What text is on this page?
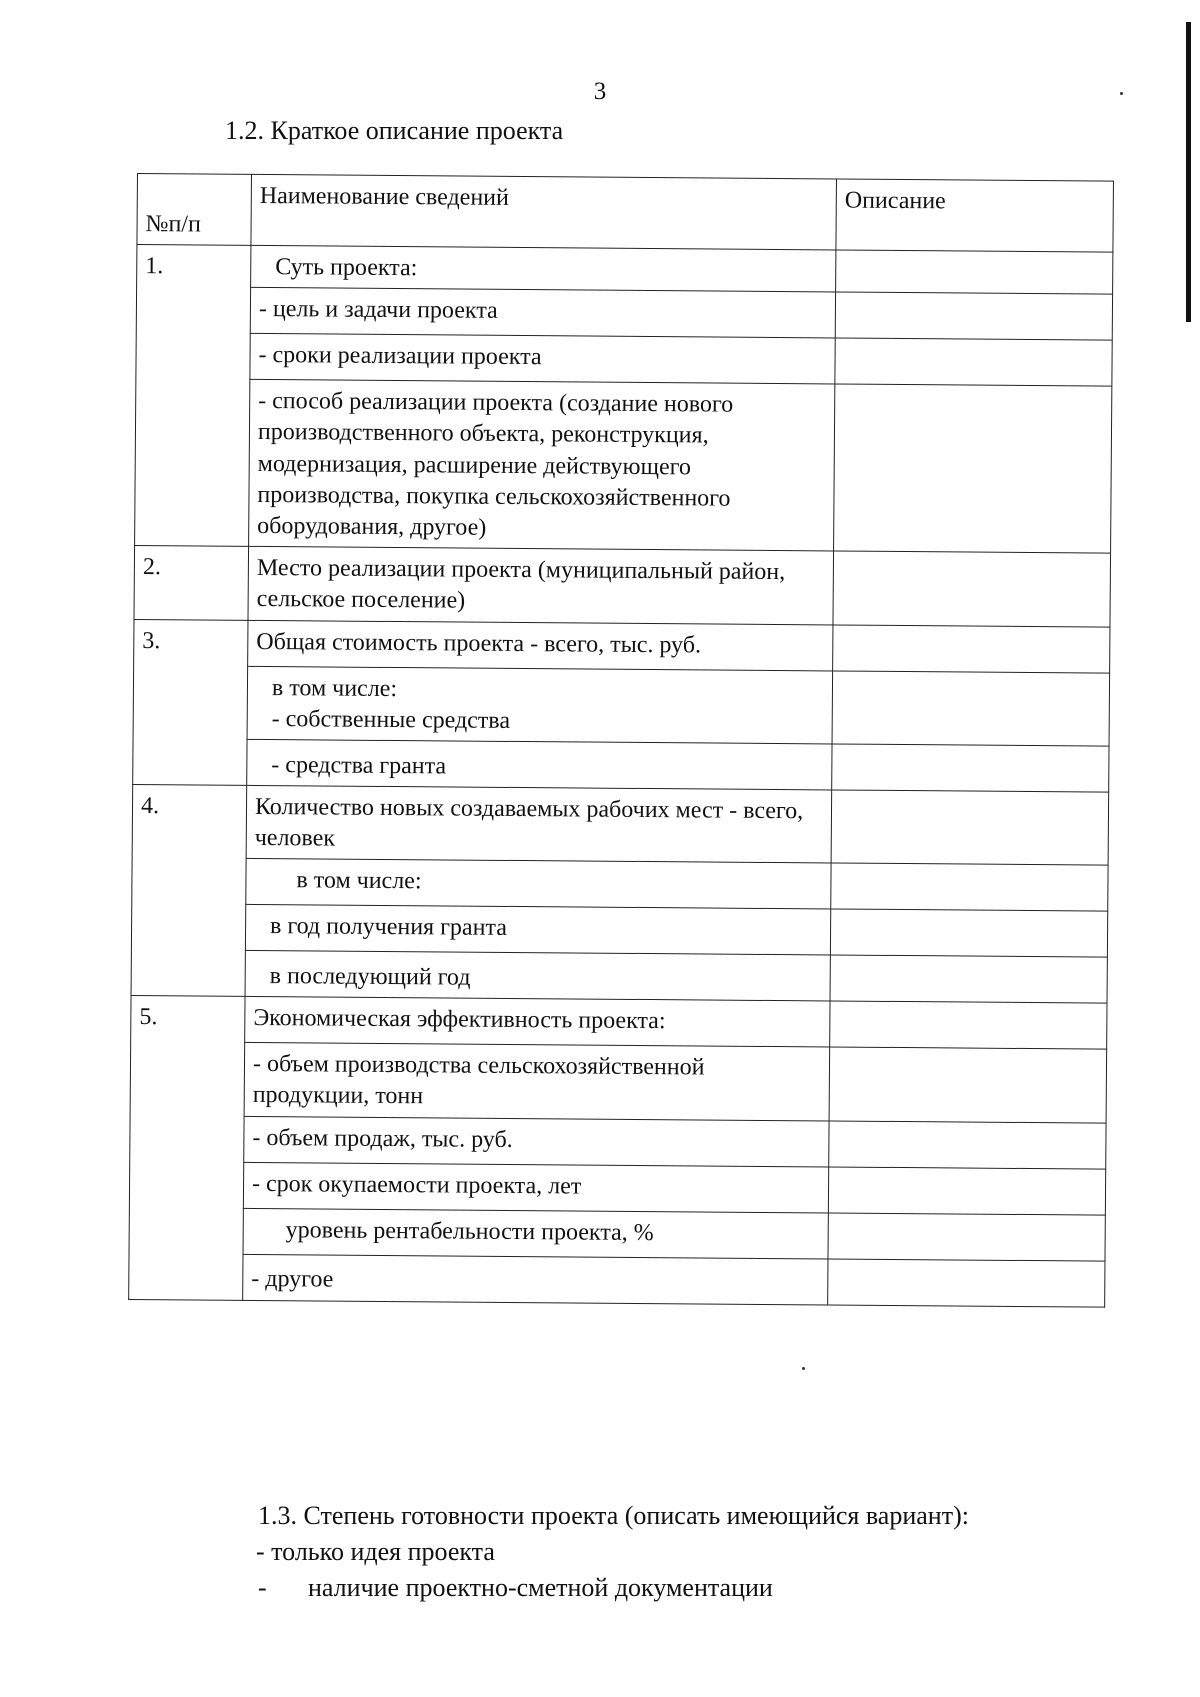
3
1.2. Краткое описание проекта
№п/п	Наименование сведений	Описание
1.	Суть проекта:	
	- цель и задачи проекта	
	- сроки реализации проекта	
	- способ реализации проекта (создание нового производственного объекта, реконструкция, модернизация, расширение действующего производства, покупка сельскохозяйственного оборудования, другое)	
2.	Место реализации проекта (муниципальный район, сельское поселение)	
3.	Общая стоимость проекта - всего, тыс. руб.	
	в том числе:
- собственные средства	
	- средства гранта	
4.	Количество новых создаваемых рабочих мест - всего, человек	
	в том числе:	
	в год получения гранта	
	в последующий год	
5.	Экономическая эффективность проекта:	
	- объем производства сельскохозяйственной продукции, тонн	
	- объем продаж, тыс. руб.	
	- срок окупаемости проекта, лет	
	уровень рентабельности проекта, %	
	- другое	
1.3. Степень готовности проекта (описать имеющийся вариант):
- только идея проекта
-	наличие проектно-сметной документации
